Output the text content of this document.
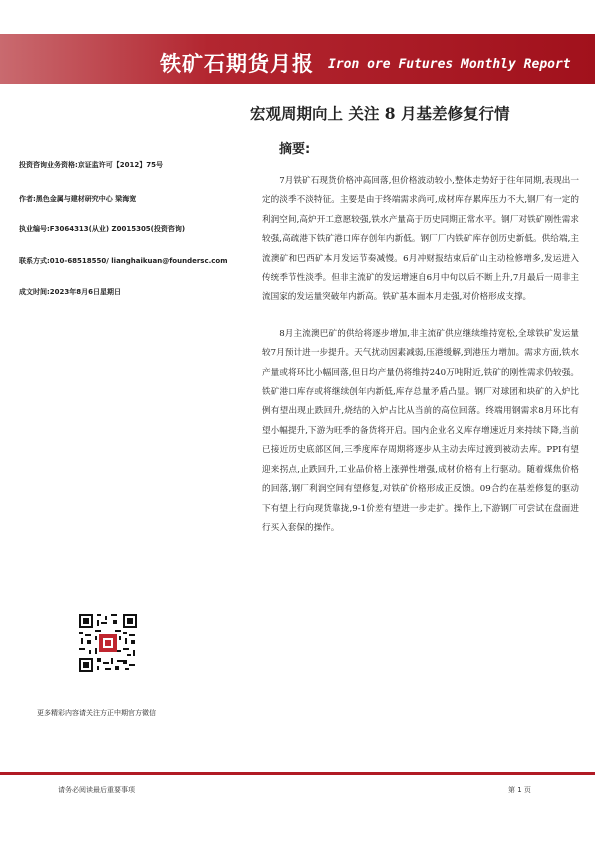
铁矿石期货月报 Iron ore Futures Monthly Report
宏观周期向上 关注 8 月基差修复行情
摘要:
投资咨询业务资格:京证监许可【2012】75号
作者:黑色金属与建材研究中心 梁海宽
执业编号:F3064313(从业) Z0015305(投资咨询)
联系方式:010-68518550/ lianghaikuan@foundersc.com
成文时间:2023年8月6日星期日
更多精彩内容请关注方正中期官方微信

7月铁矿石现货价格冲高回落,但价格波动较小,整体走势好于往年同期,表现出一定的淡季不淡特征。主要是由于终端需求尚可,成材库存累库压力不大,钢厂有一定的利润空间,高炉开工意愿较强,铁水产量高于历史同期正常水平。钢厂对铁矿刚性需求较强,高疏港下铁矿港口库存创年内新低。钢厂厂内铁矿库存创历史新低。供给端,主流澳矿和巴西矿本月发运节奏减慢。6月冲财报结束后矿山主动检修增多,发运进入传统季节性淡季。但非主流矿的发运增速自6月中旬以后不断上升,7月最后一周非主流国家的发运量突破年内新高。铁矿基本面本月走强,对价格形成支撑。

8月主流澳巴矿的供给将逐步增加,非主流矿供应继续维持宽松,全球铁矿发运量较7月预计进一步提升。天气扰动因素减弱,压港缓解,到港压力增加。需求方面,铁水产量或将环比小幅回落,但日均产量仍将维持240万吨附近,铁矿的刚性需求仍较强。铁矿港口库存或将继续创年内新低,库存总量矛盾凸显。钢厂对球团和块矿的入炉比例有望出现止跌回升,烧结的入炉占比从当前的高位回落。终端用钢需求8月环比有望小幅提升,下游为旺季的备货将开启。国内企业名义库存增速近月来持续下降,当前已接近历史底部区间,三季度库存周期将逐步从主动去库过渡到被动去库。PPI有望迎来拐点,止跌回升,工业品价格上涨弹性增强,成材价格有上行驱动。随着煤焦价格的回落,钢厂利润空间有望修复,对铁矿价格形成正反馈。09合约在基差修复的驱动下有望上行向现货靠拢,9-1价差有望进一步走扩。操作上,下游钢厂可尝试在盘面进行买入套保的操作。

请务必阅读最后重要事项	第 1 页
